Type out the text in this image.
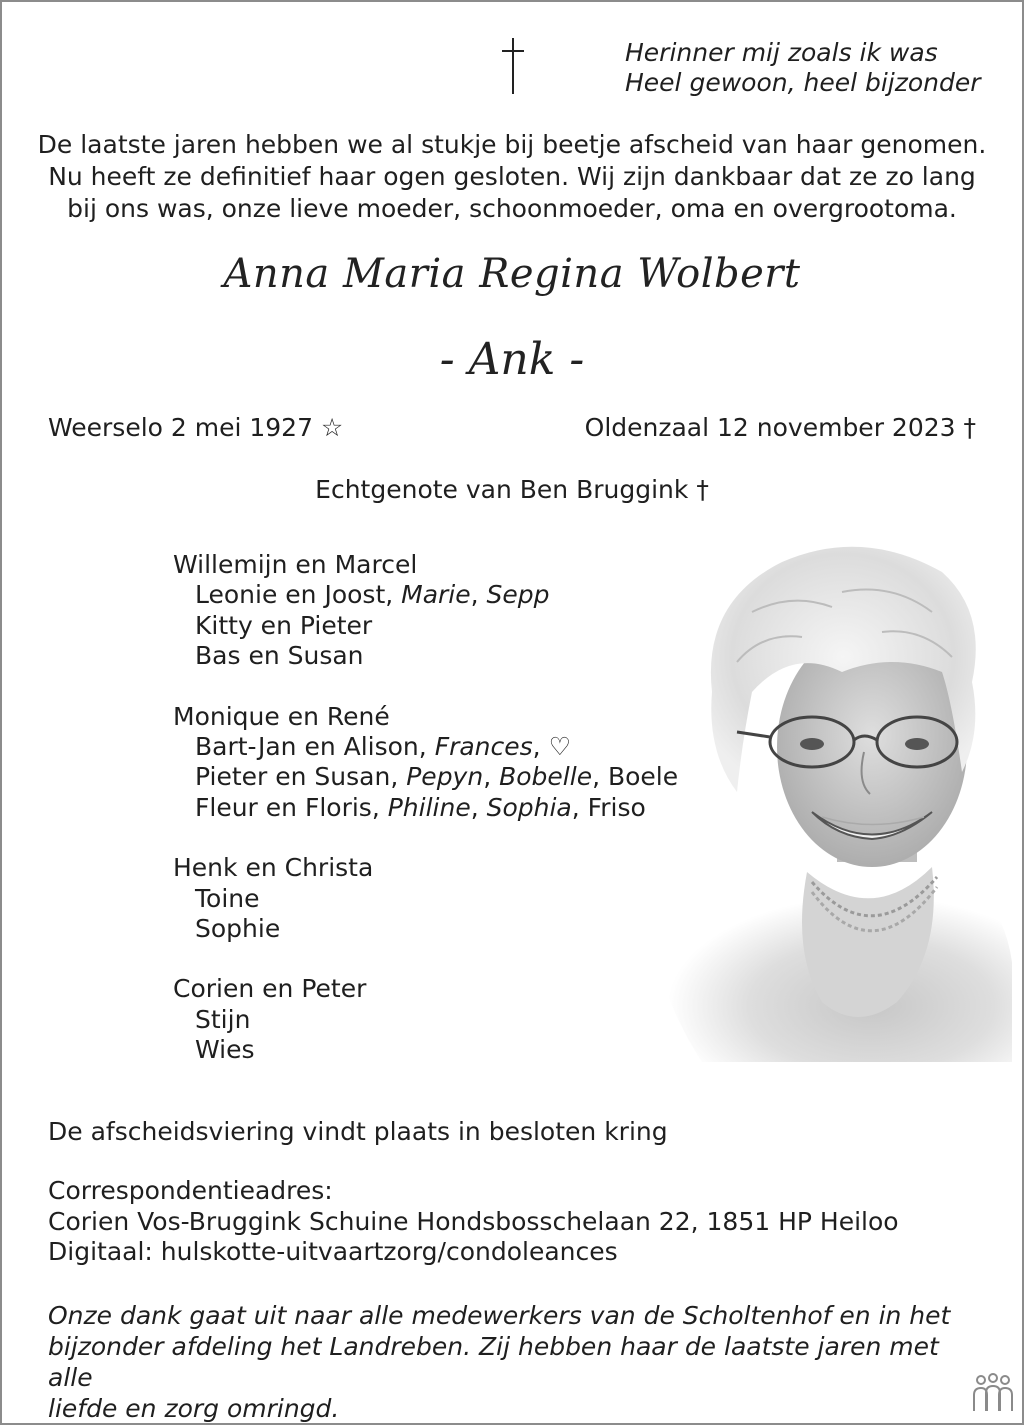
Herinner mij zoals ik was
Heel gewoon, heel bijzonder
De laatste jaren hebben we al stukje bij beetje afscheid van haar genomen.
Nu heeft ze definitief haar ogen gesloten. Wij zijn dankbaar dat ze zo lang
bij ons was, onze lieve moeder, schoonmoeder, oma en overgrootoma.
Anna Maria Regina Wolbert
- Ank -
Weerselo 2 mei 1927 ☆	Oldenzaal 12 november 2023 †
Echtgenote van Ben Bruggink †
Willemijn en Marcel
Leonie en Joost, Marie, Sepp
Kitty en Pieter
Bas en Susan
Monique en René
Bart-Jan en Alison, Frances, ♡
Pieter en Susan, Pepyn, Bobelle, Boele
Fleur en Floris, Philine, Sophia, Friso
Henk en Christa
Toine
Sophie
Corien en Peter
Stijn
Wies
De afscheidsviering vindt plaats in besloten kring
Correspondentieadres:
Corien Vos-Bruggink Schuine Hondsbosschelaan 22, 1851 HP Heiloo
Digitaal: hulskotte-uitvaartzorg/condoleances
Onze dank gaat uit naar alle medewerkers van de Scholtenhof en in het
bijzonder afdeling het Landreben. Zij hebben haar de laatste jaren met alle
liefde en zorg omringd.
